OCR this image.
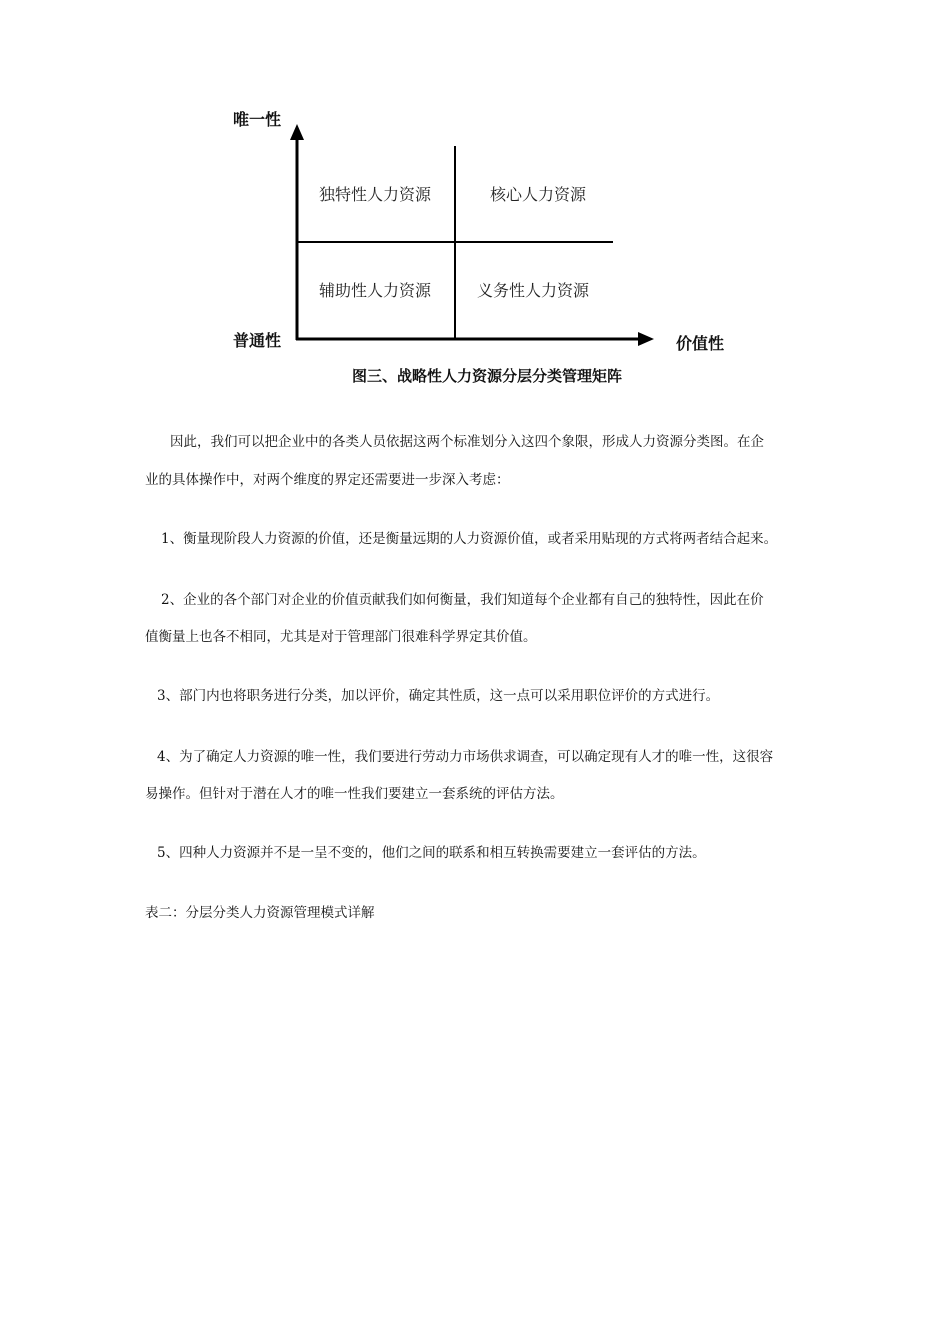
唯一性
普通性	价值性
独特性人力资源	核心人力资源
辅助性人力资源	义务性人力资源
图三、战略性人力资源分层分类管理矩阵
因此，我们可以把企业中的各类人员依据这两个标准划分入这四个象限，形成人力资源分类图。在企
业的具体操作中，对两个维度的界定还需要进一步深入考虑：
1、衡量现阶段人力资源的价值，还是衡量远期的人力资源价值，或者采用贴现的方式将两者结合起来。
2、企业的各个部门对企业的价值贡献我们如何衡量，我们知道每个企业都有自己的独特性，因此在价
值衡量上也各不相同，尤其是对于管理部门很难科学界定其价值。
3、部门内也将职务进行分类，加以评价，确定其性质，这一点可以采用职位评价的方式进行。
4、为了确定人力资源的唯一性，我们要进行劳动力市场供求调查，可以确定现有人才的唯一性，这很容
易操作。但针对于潜在人才的唯一性我们要建立一套系统的评估方法。
5、四种人力资源并不是一呈不变的，他们之间的联系和相互转换需要建立一套评估的方法。
表二：分层分类人力资源管理模式详解
